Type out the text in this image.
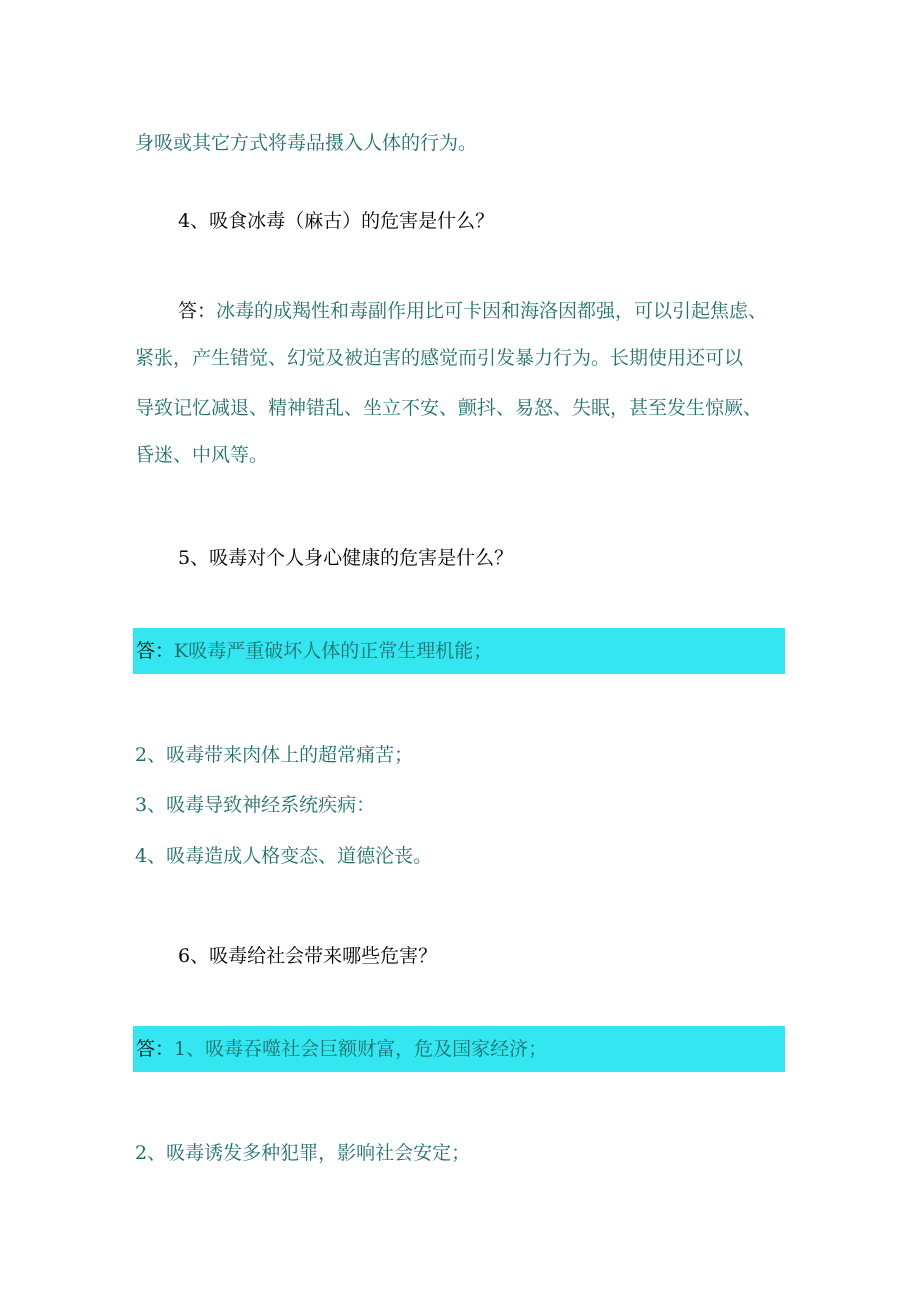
身吸或其它方式将毒品摄入人体的行为。

4、吸食冰毒（麻古）的危害是什么？

答：冰毒的成羯性和毒副作用比可卡因和海洛因都强，可以引起焦虑、

紧张，产生错觉、幻觉及被迫害的感觉而引发暴力行为。长期使用还可以

导致记忆减退、精神错乱、坐立不安、颤抖、易怒、失眠，甚至发生惊厥、

昏迷、中风等。

5、吸毒对个人身心健康的危害是什么？

答：K吸毒严重破坏人体的正常生理机能；

2、吸毒带来肉体上的超常痛苦；

3、吸毒导致神经系统疾病：

4、吸毒造成人格变态、道德沦丧。

6、吸毒给社会带来哪些危害？

答：1、吸毒吞噬社会巨额财富，危及国家经济；

2、吸毒诱发多种犯罪，影响社会安定；
